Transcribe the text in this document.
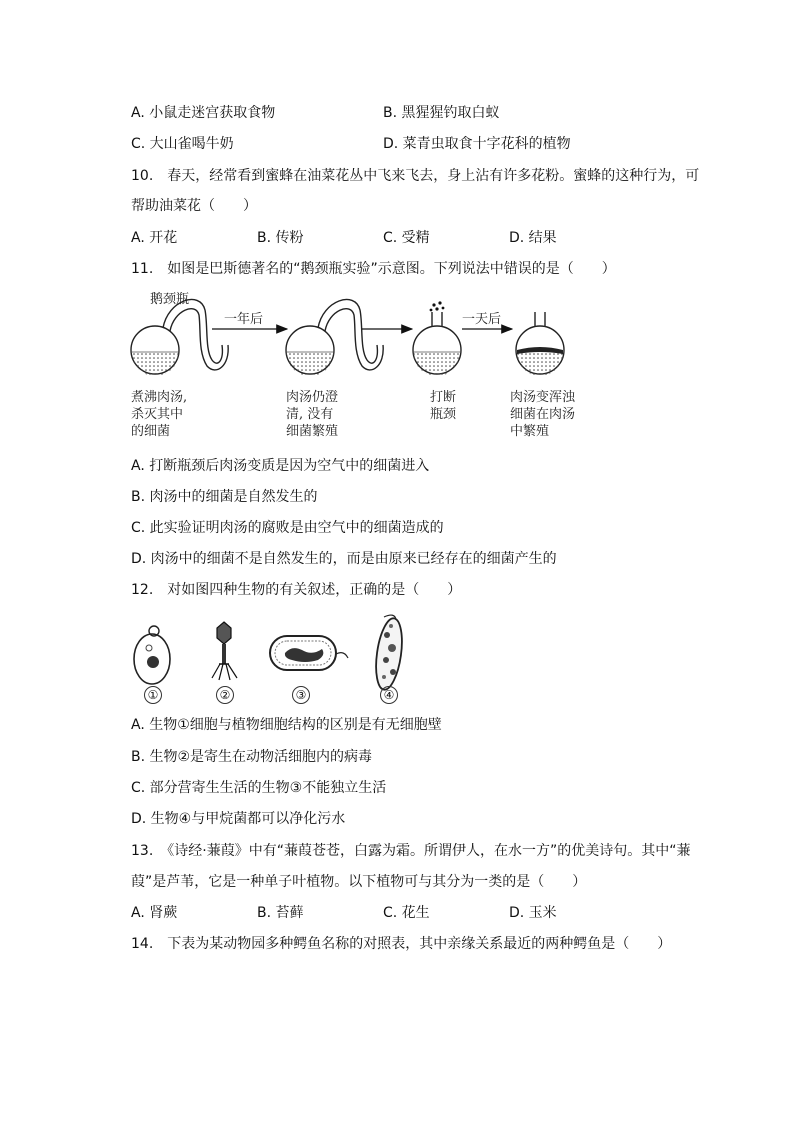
A. 小鼠走迷宫获取食物	B. 黑猩猩钓取白蚁
C. 大山雀喝牛奶	D. 菜青虫取食十字花科的植物
10.　春天，经常看到蜜蜂在油菜花丛中飞来飞去，身上沾有许多花粉。蜜蜂的这种行为，可
帮助油菜花（　　）
A. 开花	B. 传粉	C. 受精	D. 结果
11.　如图是巴斯德著名的“鹅颈瓶实验”示意图。下列说法中错误的是（　　）
鹅颈瓶
一年后	一天后
煮沸肉汤,
杀灭其中
的细菌
肉汤仍澄
清, 没有
细菌繁殖
打断
瓶颈
肉汤变浑浊
细菌在肉汤
中繁殖
A. 打断瓶颈后肉汤变质是因为空气中的细菌进入
B. 肉汤中的细菌是自然发生的
C. 此实验证明肉汤的腐败是由空气中的细菌造成的
D. 肉汤中的细菌不是自然发生的，而是由原来已经存在的细菌产生的
12.　对如图四种生物的有关叙述，正确的是（　　）
①	②	③	④
A. 生物①细胞与植物细胞结构的区别是有无细胞壁
B. 生物②是寄生在动物活细胞内的病毒
C. 部分营寄生生活的生物③不能独立生活
D. 生物④与甲烷菌都可以净化污水
13.　《诗经·蒹葭》中有“蒹葭苍苍，白露为霜。所谓伊人，在水一方”的优美诗句。其中“蒹
葭”是芦苇，它是一种单子叶植物。以下植物可与其分为一类的是（　　）
A. 肾蕨	B. 苔藓	C. 花生	D. 玉米
14.　下表为某动物园多种鳄鱼名称的对照表，其中亲缘关系最近的两种鳄鱼是（　　）
